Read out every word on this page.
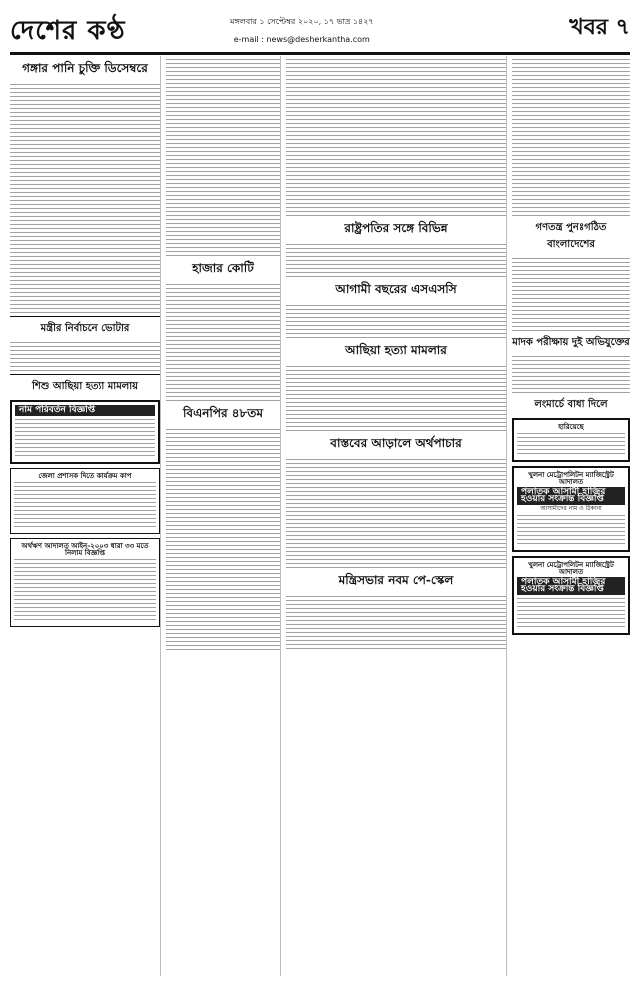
দেশের কণ্ঠ	মঙ্গলবার ১ সেপ্টেম্বর ২০২০, ১৭ ভাদ্র ১৪২৭
e-mail : news@desherkantha.com	খবর ৭
গঙ্গার পানি চুক্তি ডিসেম্বরে
মন্ত্রীর নির্বাচনে ভোটার
শিশু আছিয়া হত্যা মামলায়
নাম পরিবর্তন বিজ্ঞপ্তি
জেলা প্রশাসক দিতে কার্যক্রম কাপ
অর্থঋণ আদালত আইন-২০০৩ ধারা ৩৩ মতে নিলাম বিজ্ঞপ্তি
হাজার কোটি
বিএনপির ৪৮তম
রাষ্ট্রপতির সঙ্গে বিভিন্ন
আগামী বছরের এসএসসি
আছিয়া হত্যা মামলার
বাস্তবের আড়ালে অর্থপাচার
মন্ত্রিসভার নবম পে-স্কেল
গণতন্ত্র পুনঃগঠিত বাংলাদেশের
মাদক পরীক্ষায় দুই অভিযুক্তের
লংমার্চে বাধা দিলে
হারিয়েছে
খুলনা মেট্রোপলিটন ম্যাজিস্ট্রেট আদালত
পলাতক আসামী হাজির হওয়ার সংক্রান্ত বিজ্ঞপ্তি
আসামীদের নাম ও ঠিকানা
খুলনা মেট্রোপলিটন ম্যাজিস্ট্রেট আদালত
পলাতক আসামী হাজির হওয়ার সংক্রান্ত বিজ্ঞপ্তি
